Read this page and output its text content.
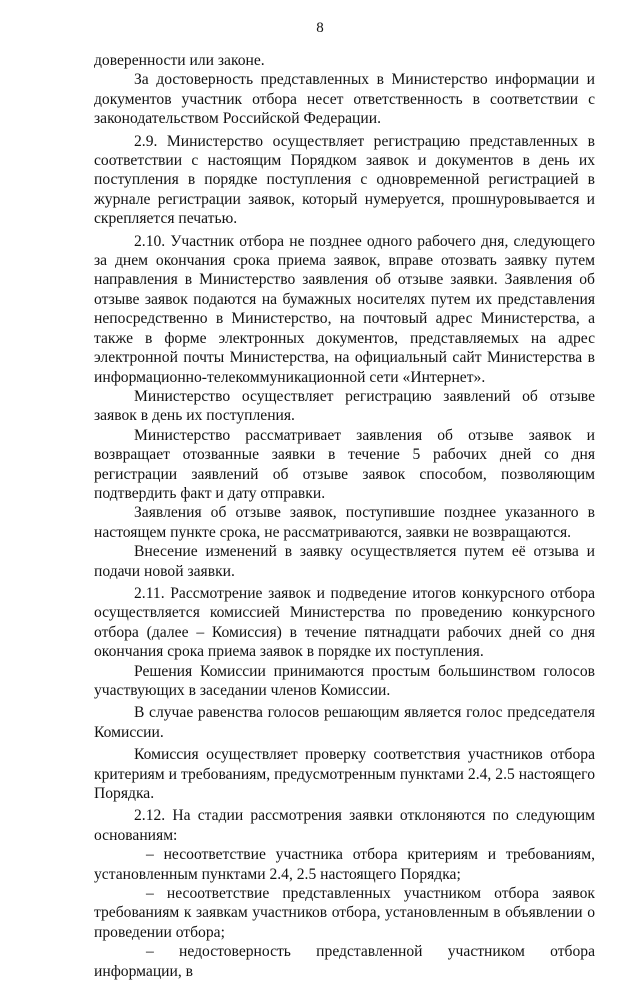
8

доверенности или законе.

За достоверность представленных в Министерство информации и документов участник отбора несет ответственность в соответствии с законодательством Российской Федерации.

2.9. Министерство осуществляет регистрацию представленных в соответствии с настоящим Порядком заявок и документов в день их поступления в порядке поступления с одновременной регистрацией в журнале регистрации заявок, который нумеруется, прошнуровывается и скрепляется печатью.

2.10. Участник отбора не позднее одного рабочего дня, следующего за днем окончания срока приема заявок, вправе отозвать заявку путем направления в Министерство заявления об отзыве заявки. Заявления об отзыве заявок подаются на бумажных носителях путем их представления непосредственно в Министерство, на почтовый адрес Министерства, а также в форме электронных документов, представляемых на адрес электронной почты Министерства, на официальный сайт Министерства в информационно-телекоммуникационной сети «Интернет».

Министерство осуществляет регистрацию заявлений об отзыве заявок в день их поступления.

Министерство рассматривает заявления об отзыве заявок и возвращает отозванные заявки в течение 5 рабочих дней со дня регистрации заявлений об отзыве заявок способом, позволяющим подтвердить факт и дату отправки.

Заявления об отзыве заявок, поступившие позднее указанного в настоящем пункте срока, не рассматриваются, заявки не возвращаются.

Внесение изменений в заявку осуществляется путем её отзыва и подачи новой заявки.

2.11. Рассмотрение заявок и подведение итогов конкурсного отбора осуществляется комиссией Министерства по проведению конкурсного отбора (далее – Комиссия) в течение пятнадцати рабочих дней со дня окончания срока приема заявок в порядке их поступления.

Решения Комиссии принимаются простым большинством голосов участвующих в заседании членов Комиссии.

В случае равенства голосов решающим является голос председателя Комиссии.

Комиссия осуществляет проверку соответствия участников отбора критериям и требованиям, предусмотренным пунктами 2.4, 2.5 настоящего Порядка.

2.12. На стадии рассмотрения заявки отклоняются по следующим основаниям:

– несоответствие участника отбора критериям и требованиям, установленным пунктами 2.4, 2.5 настоящего Порядка;

– несоответствие представленных участником отбора заявок требованиям к заявкам участников отбора, установленным в объявлении о проведении отбора;

– недостоверность представленной участником отбора информации, в
